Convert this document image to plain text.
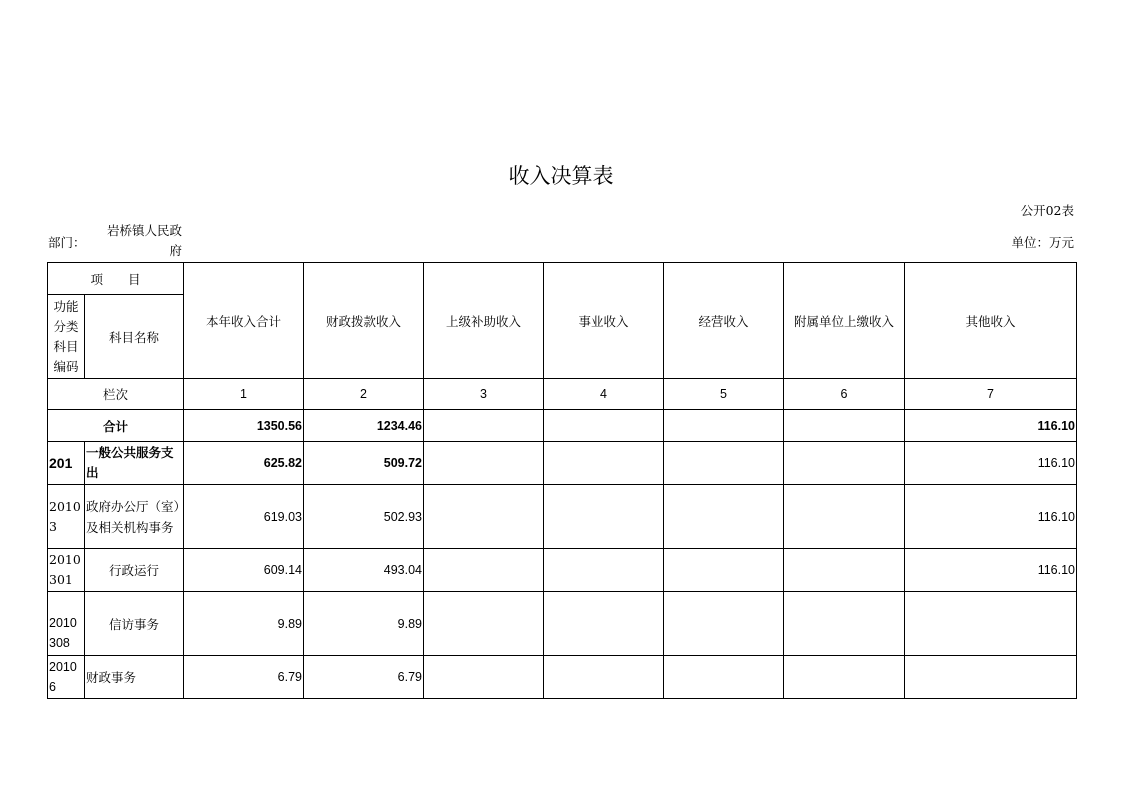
收入决算表
公开02表
部门：
岩桥镇人民政府
单位：万元
项　　目		本年收入合计	财政拨款收入	上级补助收入	事业收入	经营收入	附属单位上缴收入	其他收入
功能分类科目编码	科目名称							
栏次		1	2	3	4	5	6	7
合计		1350.56	1234.46					116.10
201	一般公共服务支出	625.82	509.72					116.10
20103	政府办公厅（室）及相关机构事务	619.03	502.93					116.10
2010301	行政运行	609.14	493.04					116.10
2010308	信访事务	9.89	9.89					
20106	财政事务	6.79	6.79					
